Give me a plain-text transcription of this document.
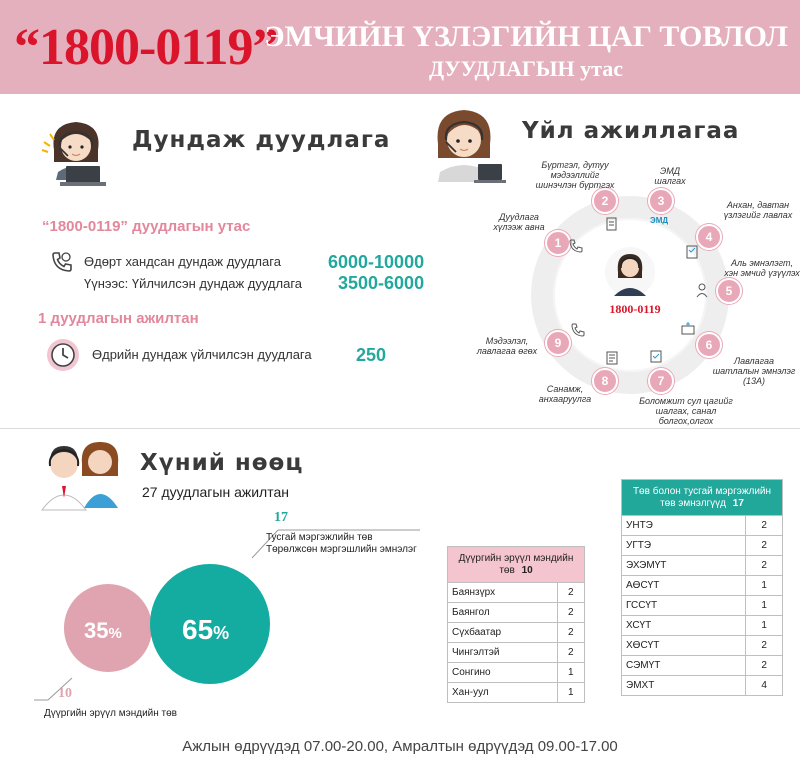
“1800-0119”
ЭМЧИЙН ҮЗЛЭГИЙН ЦАГ ТОВЛОЛ
ДУУДЛАГЫН утас
Дундаж дуудлага
“1800-0119” дуудлагын утас
Өдөрт хандсан дундаж дуудлага	6000-10000
Үүнээс: Үйлчилсэн дундаж дуудлага 3500-6000
1 дуудлагын ажилтан
Өдрийн дундаж үйлчилсэн дуудлага 250
Үйл ажиллагаа
1800-0119
1
2	3
4
5
6
7
8
9
ЭМД
Дуудлага хүлээж авна
Бүртгэл, дутуу мэдээллийг шинэчлэн бүртгэх
ЭМД шалгах
Анхан, давтан үзлэгийг лавлах
Аль эмнэлэгт, хэн эмчид үзүүлэх
Лавлагаа шатлалын эмнэлэг (13А)
Боломжит сул цагийг шалгах, санал болгох,олгох
Санамж, анхааруулга
Мэдээлэл, лавлагаа өгөх
Хүний нөөц
27 дуудлагын ажилтан
17
Тусгай мэргэжлийн төв
Төрөлжсөн мэргэшлийн эмнэлэг
10
Дүүргийн эрүүл мэндийн төв
35% 65%
Дүүргийн эрүүл мэндийн
төв 10	
Баянзүрх	2
Баянгол	2
Сүхбаатар	2
Чингэлтэй	2
Сонгино	1
Хан-уул	1
Төв болон тусгай мэргэжлийн
төв эмнэлгүүд 17	
УНТЭ	2
УГТЭ	2
ЭХЭМҮТ	2
АӨСҮТ	1
ГССҮТ	1
ХСҮТ	1
ХӨСҮТ	2
СЭМҮТ	2
ЭМХТ	4
Ажлын өдрүүдэд 07.00-20.00, Амралтын өдрүүдэд 09.00-17.00
